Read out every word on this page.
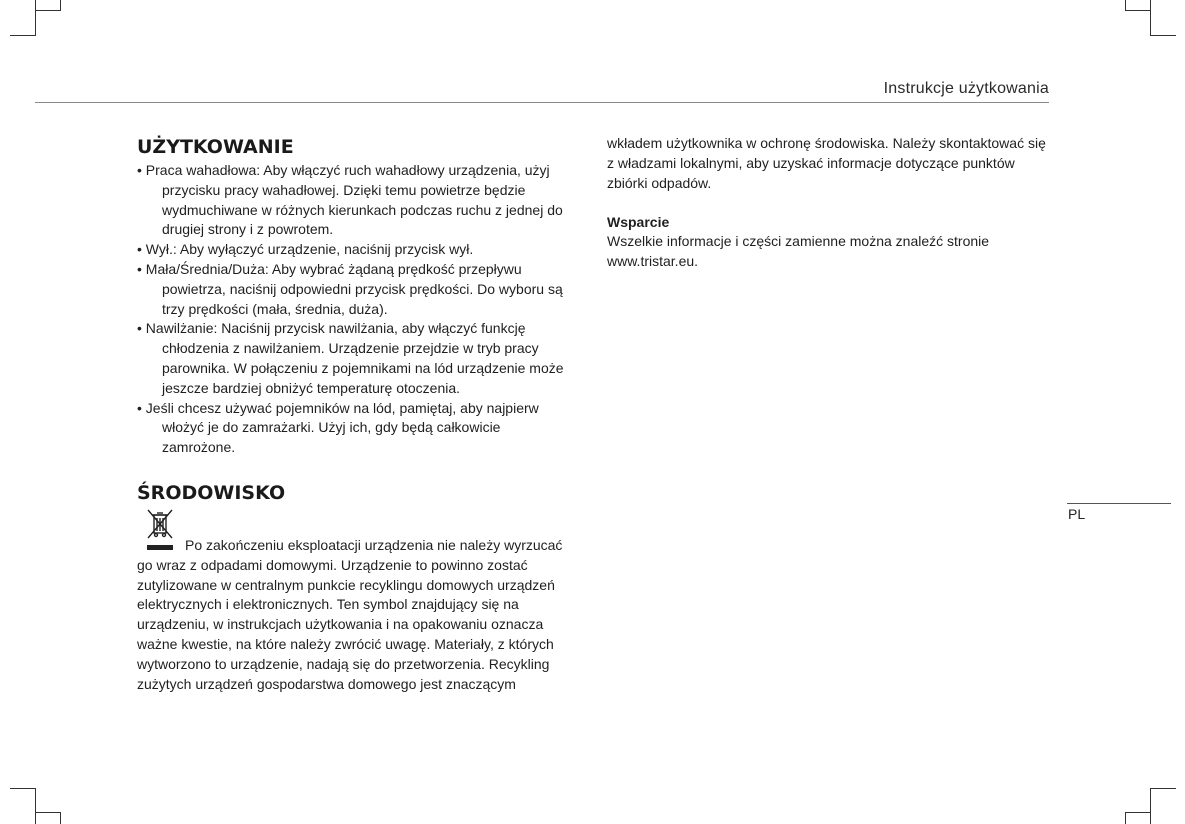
Instrukcje użytkowania
UŻYTKOWANIE
• Praca wahadłowa: Aby włączyć ruch wahadłowy urządzenia, użyj przycisku pracy wahadłowej. Dzięki temu powietrze będzie wydmuchiwane w różnych kierunkach podczas ruchu z jednej do drugiej strony i z powrotem.
• Wył.: Aby wyłączyć urządzenie, naciśnij przycisk wył.
• Mała/Średnia/Duża: Aby wybrać żądaną prędkość przepływu powietrza, naciśnij odpowiedni przycisk prędkości. Do wyboru są trzy prędkości (mała, średnia, duża).
• Nawilżanie: Naciśnij przycisk nawilżania, aby włączyć funkcję chłodzenia z nawilżaniem. Urządzenie przejdzie w tryb pracy parownika. W połączeniu z pojemnikami na lód urządzenie może jeszcze bardziej obniżyć temperaturę otoczenia.
• Jeśli chcesz używać pojemników na lód, pamiętaj, aby najpierw włożyć je do zamrażarki. Użyj ich, gdy będą całkowicie zamrożone.
ŚRODOWISKO

Po zakończeniu eksploatacji urządzenia nie należy wyrzucać go wraz z odpadami domowymi. Urządzenie to powinno zostać zutylizowane w centralnym punkcie recyklingu domowych urządzeń elektrycznych i elektronicznych. Ten symbol znajdujący się na urządzeniu, w instrukcjach użytkowania i na opakowaniu oznacza ważne kwestie, na które należy zwrócić uwagę. Materiały, z których wytworzono to urządzenie, nadają się do przetworzenia. Recykling zużytych urządzeń gospodarstwa domowego jest znaczącym

wkładem użytkownika w ochronę środowiska. Należy skontaktować się z władzami lokalnymi, aby uzyskać informacje dotyczące punktów zbiórki odpadów.

Wsparcie

Wszelkie informacje i części zamienne można znaleźć stronie www.tristar.eu.

PL
